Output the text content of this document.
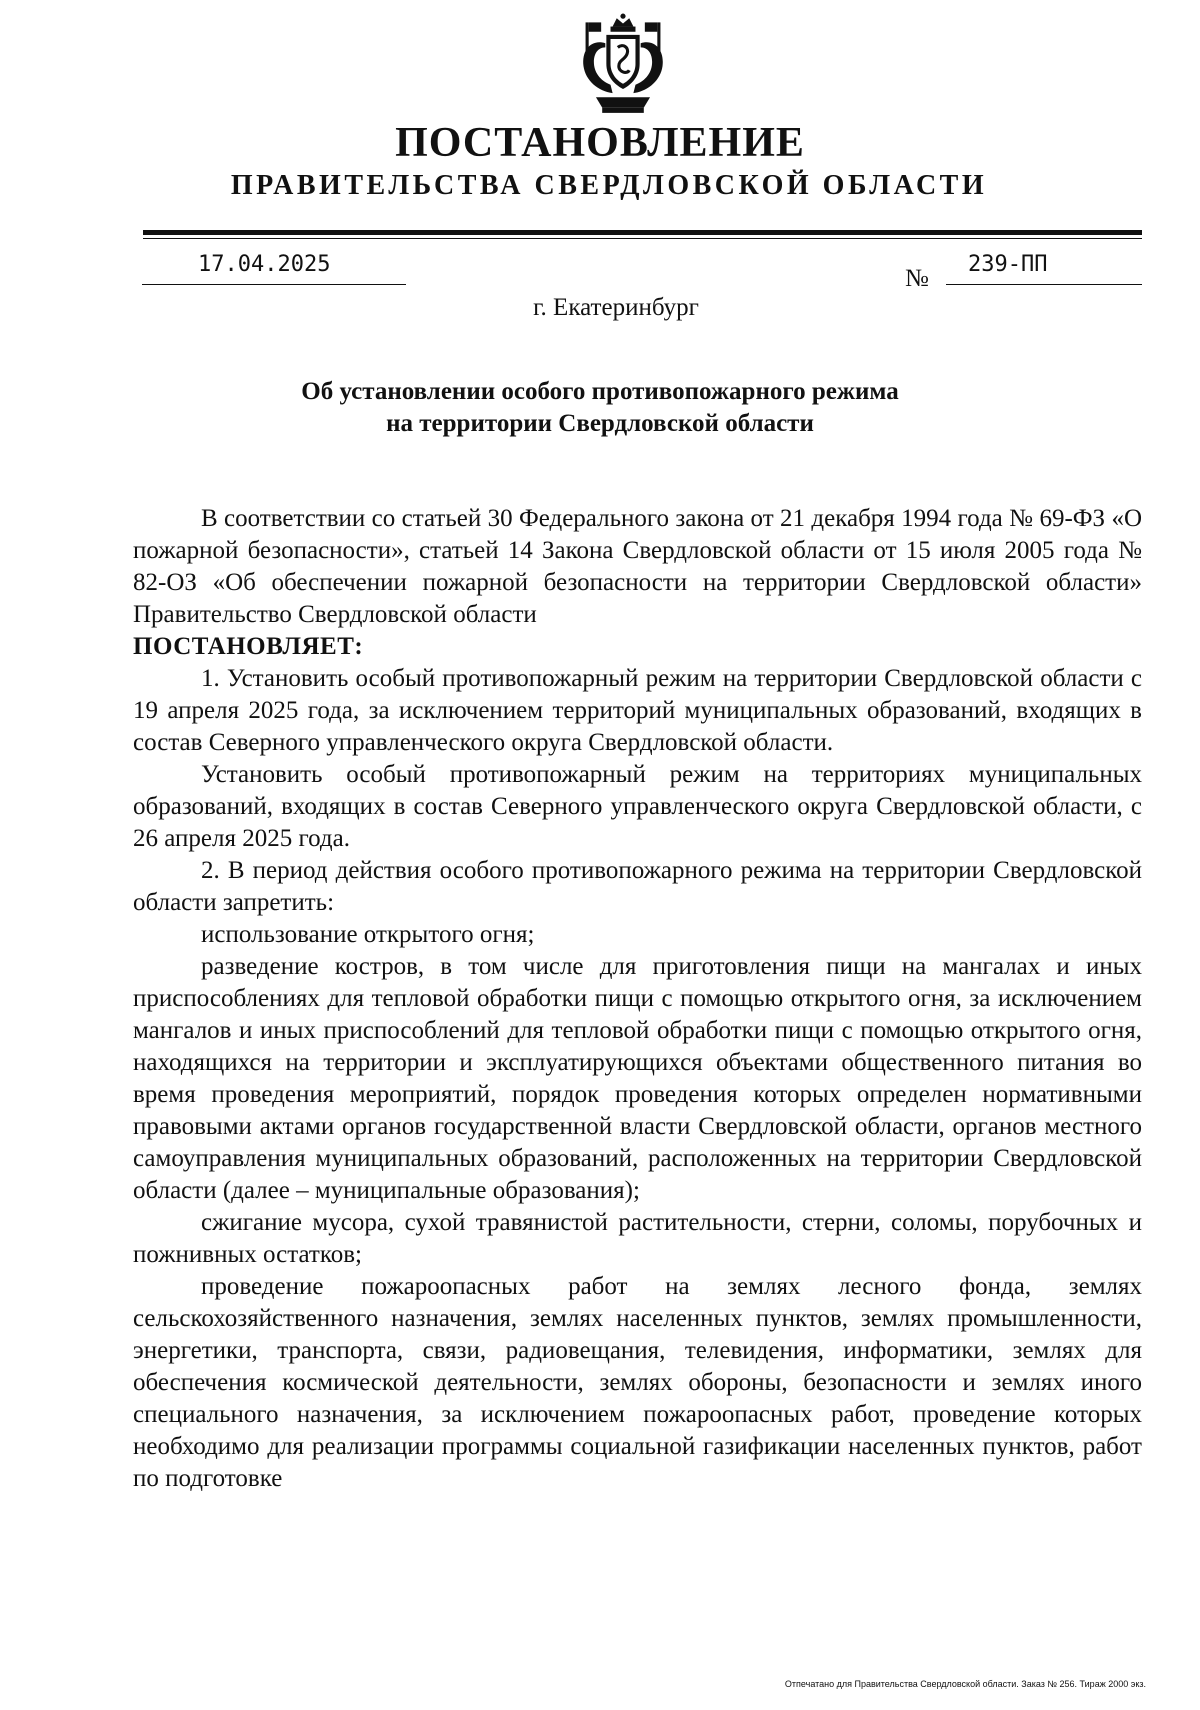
ПОСТАНОВЛЕНИЕ
ПРАВИТЕЛЬСТВА СВЕРДЛОВСКОЙ ОБЛАСТИ
17.04.2025
№
239-ПП
г. Екатеринбург
Об установлении особого противопожарного режима
на территории Свердловской области

В соответствии со статьей 30 Федерального закона от 21 декабря 1994 года № 69-ФЗ «О пожарной безопасности», статьей 14 Закона Свердловской области от 15 июля 2005 года № 82-ОЗ «Об обеспечении пожарной безопасности на территории Свердловской области» Правительство Свердловской области

ПОСТАНОВЛЯЕТ:

1. Установить особый противопожарный режим на территории Свердловской области с 19 апреля 2025 года, за исключением территорий муниципальных образований, входящих в состав Северного управленческого округа Свердловской области.

Установить особый противопожарный режим на территориях муниципальных образований, входящих в состав Северного управленческого округа Свердловской области, с 26 апреля 2025 года.

2. В период действия особого противопожарного режима на территории Свердловской области запретить:

использование открытого огня;

разведение костров, в том числе для приготовления пищи на мангалах и иных приспособлениях для тепловой обработки пищи с помощью открытого огня, за исключением мангалов и иных приспособлений для тепловой обработки пищи с помощью открытого огня, находящихся на территории и эксплуатирующихся объектами общественного питания во время проведения мероприятий, порядок проведения которых определен нормативными правовыми актами органов государственной власти Свердловской области, органов местного самоуправления муниципальных образований, расположенных на территории Свердловской области (далее – муниципальные образования);

сжигание мусора, сухой травянистой растительности, стерни, соломы, порубочных и пожнивных остатков;

проведение пожароопасных работ на землях лесного фонда, землях сельскохозяйственного назначения, землях населенных пунктов, землях промышленности, энергетики, транспорта, связи, радиовещания, телевидения, информатики, землях для обеспечения космической деятельности, землях обороны, безопасности и землях иного специального назначения, за исключением пожароопасных работ, проведение которых необходимо для реализации программы социальной газификации населенных пунктов, работ по подготовке

Отпечатано для Правительства Свердловской области. Заказ № 256. Тираж 2000 экз.
